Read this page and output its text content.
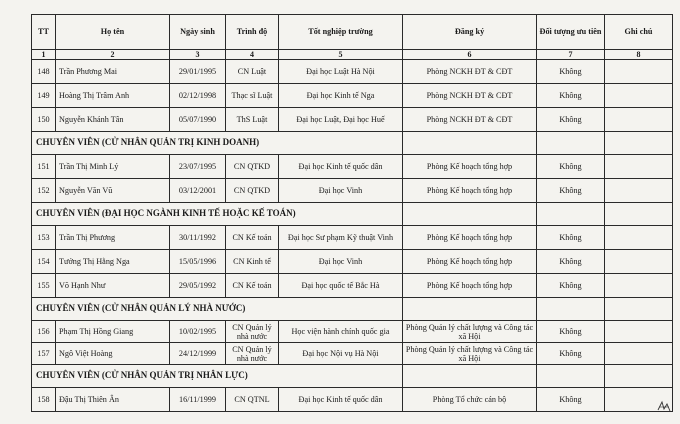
TT	Họ tên	Ngày sinh	Trình độ	Tốt nghiệp trường	Đăng ký	Đối tượng ưu tiên	Ghi chú
1	2	3	4	5	6	7	8
148	Trần Phương Mai	29/01/1995	CN Luật	Đại học Luật Hà Nội	Phòng NCKH ĐT & CĐT	Không	
149	Hoàng Thị Trâm Anh	02/12/1998	Thạc sĩ Luật	Đại học Kinh tế Nga	Phòng NCKH ĐT & CĐT	Không	
150	Nguyễn Khánh Tân	05/07/1990	ThS Luật	Đại học Luật, Đại học Huế	Phòng NCKH ĐT & CĐT	Không	
CHUYÊN VIÊN (CỬ NHÂN QUẢN TRỊ KINH DOANH)							
151	Trần Thị Minh Lý	23/07/1995	CN QTKD	Đại học Kinh tế quốc dân	Phòng Kế hoạch tổng hợp	Không	
152	Nguyễn Văn Vũ	03/12/2001	CN QTKD	Đại học Vinh	Phòng Kế hoạch tổng hợp	Không	
CHUYÊN VIÊN (ĐẠI HỌC NGÀNH KINH TẾ HOẶC KẾ TOÁN)							
153	Trần Thị Phương	30/11/1992	CN Kế toán	Đại học Sư phạm Kỹ thuật Vinh	Phòng Kế hoạch tổng hợp	Không	
154	Tưởng Thị Hằng Nga	15/05/1996	CN Kinh tế	Đại học Vinh	Phòng Kế hoạch tổng hợp	Không	
155	Võ Hạnh Như	29/05/1992	CN Kế toán	Đại học quốc tế Bắc Hà	Phòng Kế hoạch tổng hợp	Không	
CHUYÊN VIÊN (CỬ NHÂN QUẢN LÝ NHÀ NƯỚC)							
156	Phạm Thị Hồng Giang	10/02/1995	CN Quản lý nhà nước	Học viện hành chính quốc gia	Phòng Quản lý chất lượng và Công tác xã Hội	Không	
157	Ngô Việt Hoàng	24/12/1999	CN Quản lý nhà nước	Đại học Nội vụ Hà Nội	Phòng Quản lý chất lượng và Công tác xã Hội	Không	
CHUYÊN VIÊN (CỬ NHÂN QUẢN TRỊ NHÂN LỰC)							
158	Đậu Thị Thiên Ân	16/11/1999	CN QTNL	Đại học Kinh tế quốc dân	Phòng Tổ chức cán bộ	Không	
